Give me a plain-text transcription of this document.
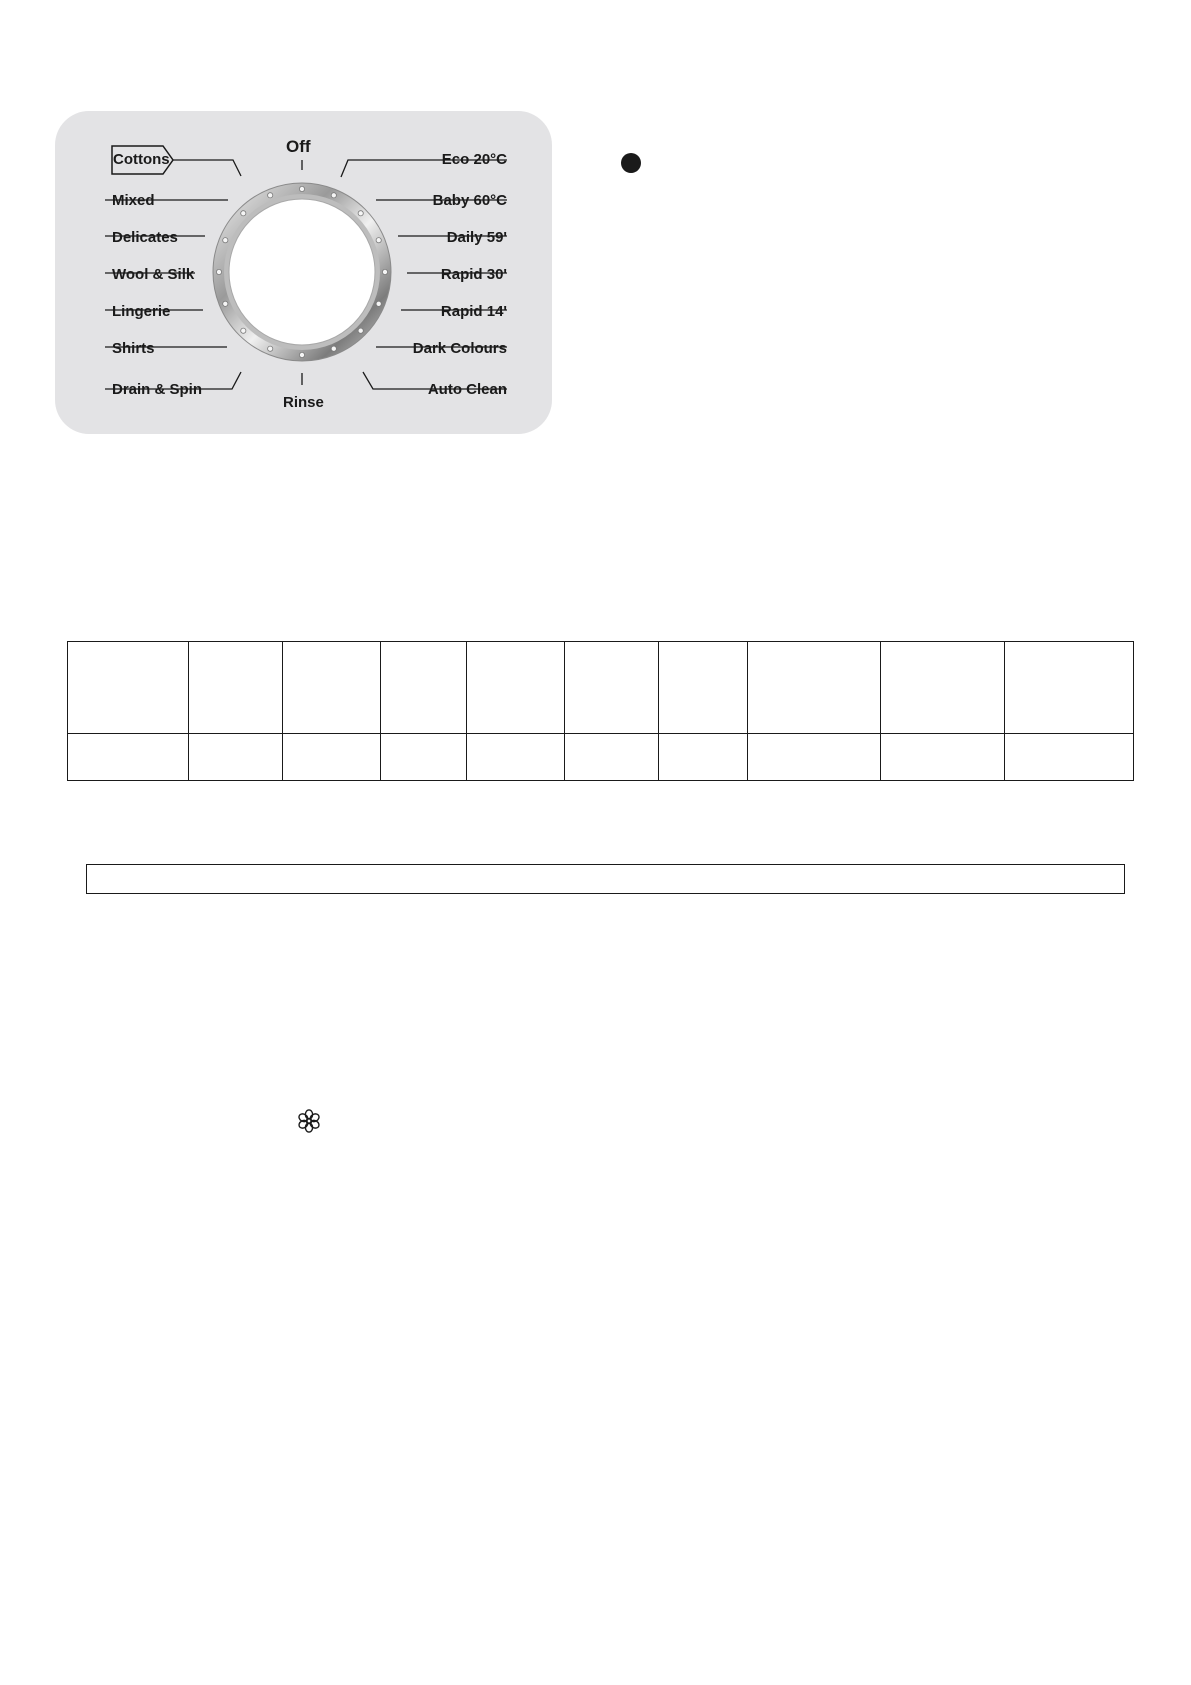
Cottons
Mixed
Delicates
Wool & Silk
Lingerie
Shirts
Drain & Spin
Eco 20°C
Baby 60°C
Daily 59'
Rapid 30'
Rapid 14'
Dark Colours
Auto Clean
Off
Rinse
